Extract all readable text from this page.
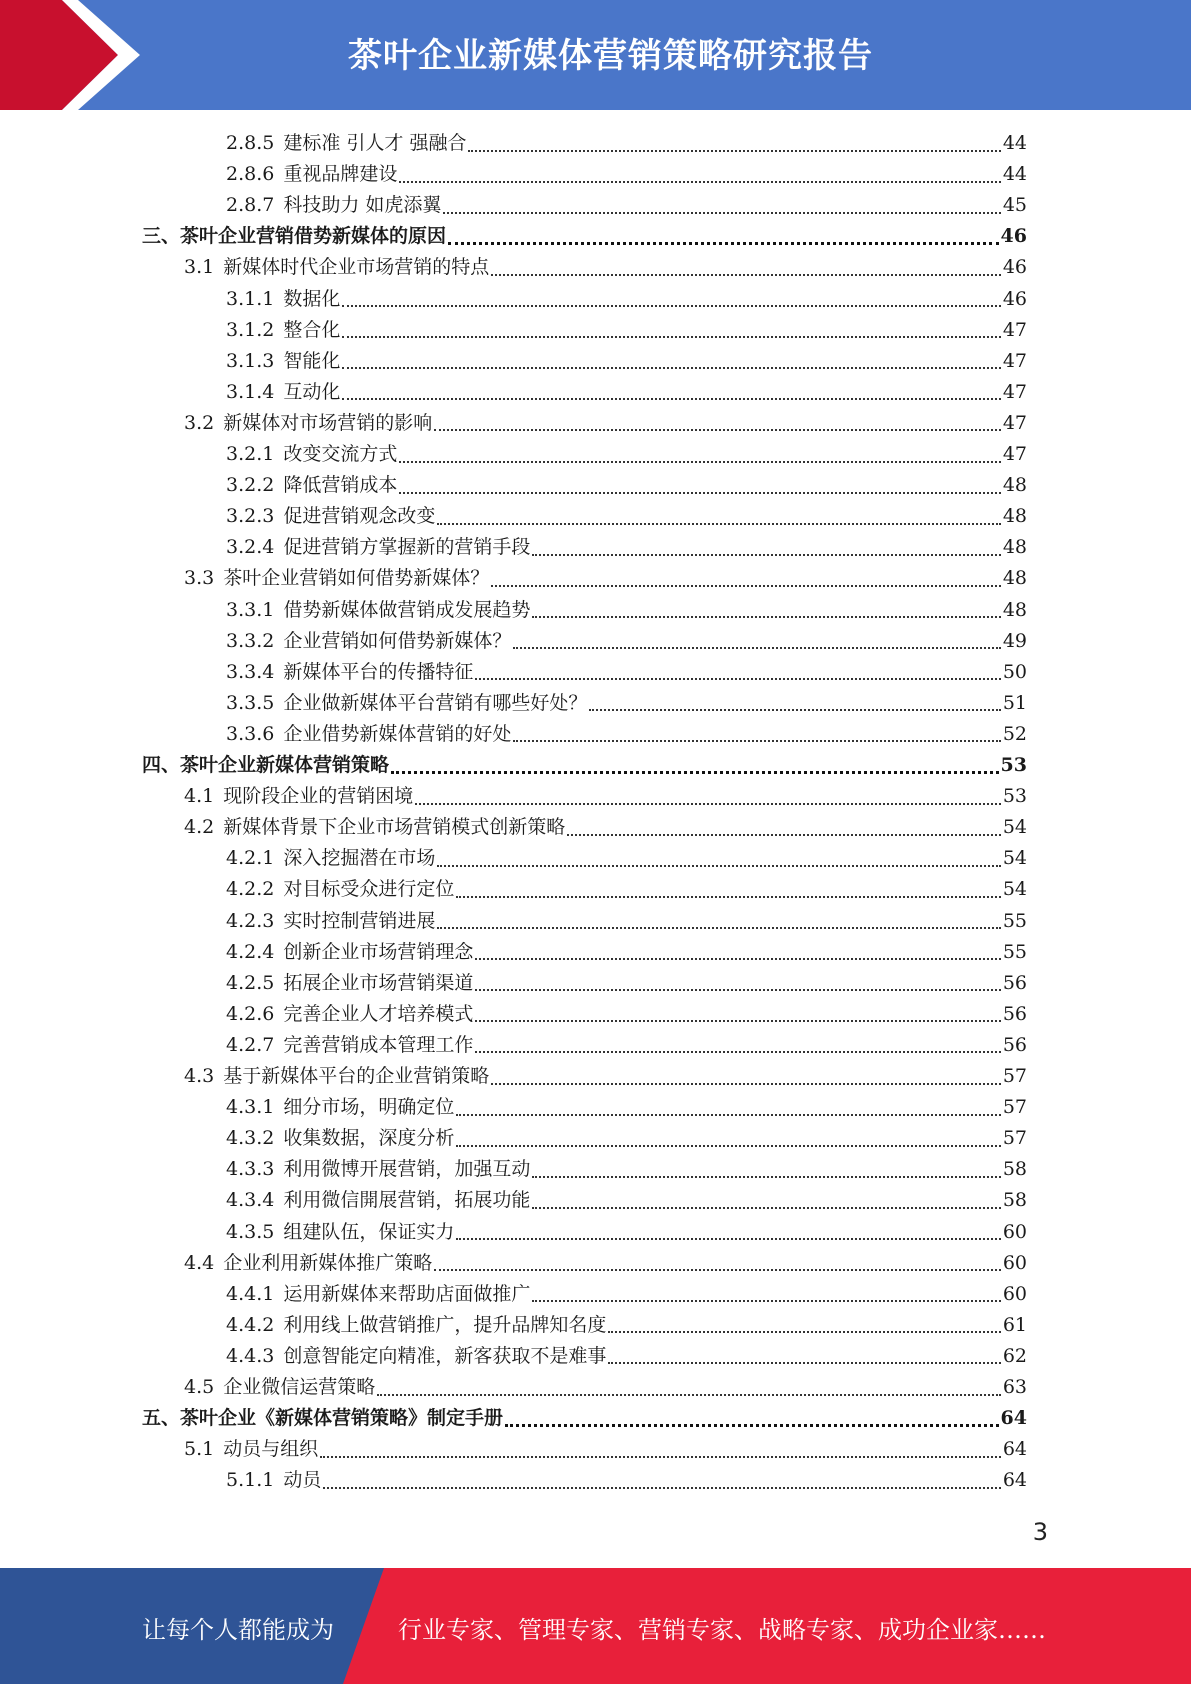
茶叶企业新媒体营销策略研究报告
2.8.5 建标准 引人才 强融合	44
2.8.6 重视品牌建设	44
2.8.7 科技助力 如虎添翼	45
三、茶叶企业营销借势新媒体的原因	46
3.1 新媒体时代企业市场营销的特点	46
3.1.1 数据化	46
3.1.2 整合化	47
3.1.3 智能化	47
3.1.4 互动化	47
3.2 新媒体对市场营销的影响	47
3.2.1 改变交流方式	47
3.2.2 降低营销成本	48
3.2.3 促进营销观念改变	48
3.2.4 促进营销方掌握新的营销手段	48
3.3 茶叶企业营销如何借势新媒体？	48
3.3.1 借势新媒体做营销成发展趋势	48
3.3.2 企业营销如何借势新媒体？	49
3.3.4 新媒体平台的传播特征	50
3.3.5 企业做新媒体平台营销有哪些好处？	51
3.3.6 企业借势新媒体营销的好处	52
四、茶叶企业新媒体营销策略	53
4.1 现阶段企业的营销困境	53
4.2 新媒体背景下企业市场营销模式创新策略	54
4.2.1 深入挖掘潜在市场	54
4.2.2 对目标受众进行定位	54
4.2.3 实时控制营销进展	55
4.2.4 创新企业市场营销理念	55
4.2.5 拓展企业市场营销渠道	56
4.2.6 完善企业人才培养模式	56
4.2.7 完善营销成本管理工作	56
4.3 基于新媒体平台的企业营销策略	57
4.3.1 细分市场，明确定位	57
4.3.2 收集数据，深度分析	57
4.3.3 利用微博开展营销，加强互动	58
4.3.4 利用微信開展营销，拓展功能	58
4.3.5 组建队伍，保证实力	60
4.4 企业利用新媒体推广策略	60
4.4.1 运用新媒体来帮助店面做推广	60
4.4.2 利用线上做营销推广，提升品牌知名度	61
4.4.3 创意智能定向精准，新客获取不是难事	62
4.5 企业微信运营策略	63
五、茶叶企业《新媒体营销策略》制定手册	64
5.1 动员与组织	64
5.1.1 动员	64
3
让每个人都能成为	行业专家、管理专家、营销专家、战略专家、成功企业家……
